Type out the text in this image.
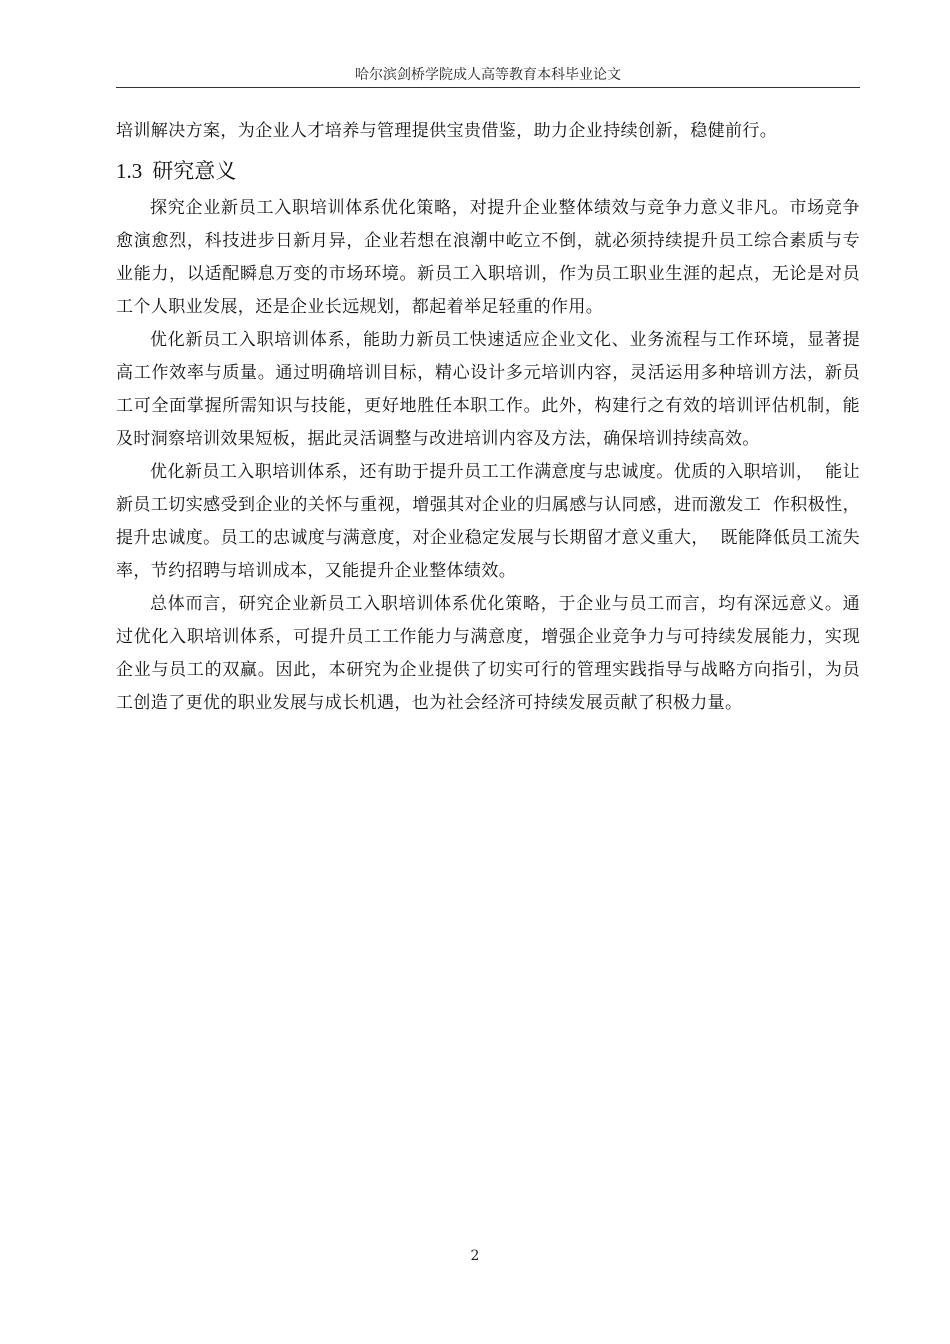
哈尔滨剑桥学院成人高等教育本科毕业论文

培训解决方案，为企业人才培养与管理提供宝贵借鉴，助力企业持续创新，稳健前行。

1.3 研究意义

探究企业新员工入职培训体系优化策略，对提升企业整体绩效与竞争力意义非凡。市场竞争愈演愈烈，科技进步日新月异，企业若想在浪潮中屹立不倒，就必须持续提升员工综合素质与专业能力，以适配瞬息万变的市场环境。新员工入职培训，作为员工职业生涯的起点，无论是对员工个人职业发展，还是企业长远规划，都起着举足轻重的作用。

优化新员工入职培训体系，能助力新员工快速适应企业文化、业务流程与工作环境，显著提高工作效率与质量。通过明确培训目标，精心设计多元培训内容，灵活运用多种培训方法，新员工可全面掌握所需知识与技能，更好地胜任本职工作。此外，构建行之有效的培训评估机制，能及时洞察培训效果短板，据此灵活调整与改进培训内容及方法，确保培训持续高效。

优化新员工入职培训体系，还有助于提升员工工作满意度与忠诚度。优质的入职培训，  能让新员工切实感受到企业的关怀与重视，增强其对企业的归属感与认同感，进而激发工  作积极性，提升忠诚度。员工的忠诚度与满意度，对企业稳定发展与长期留才意义重大，  既能降低员工流失率，节约招聘与培训成本，又能提升企业整体绩效。

总体而言，研究企业新员工入职培训体系优化策略，于企业与员工而言，均有深远意义。通过优化入职培训体系，可提升员工工作能力与满意度，增强企业竞争力与可持续发展能力，实现企业与员工的双赢。因此，本研究为企业提供了切实可行的管理实践指导与战略方向指引，为员工创造了更优的职业发展与成长机遇，也为社会经济可持续发展贡献了积极力量。

2
